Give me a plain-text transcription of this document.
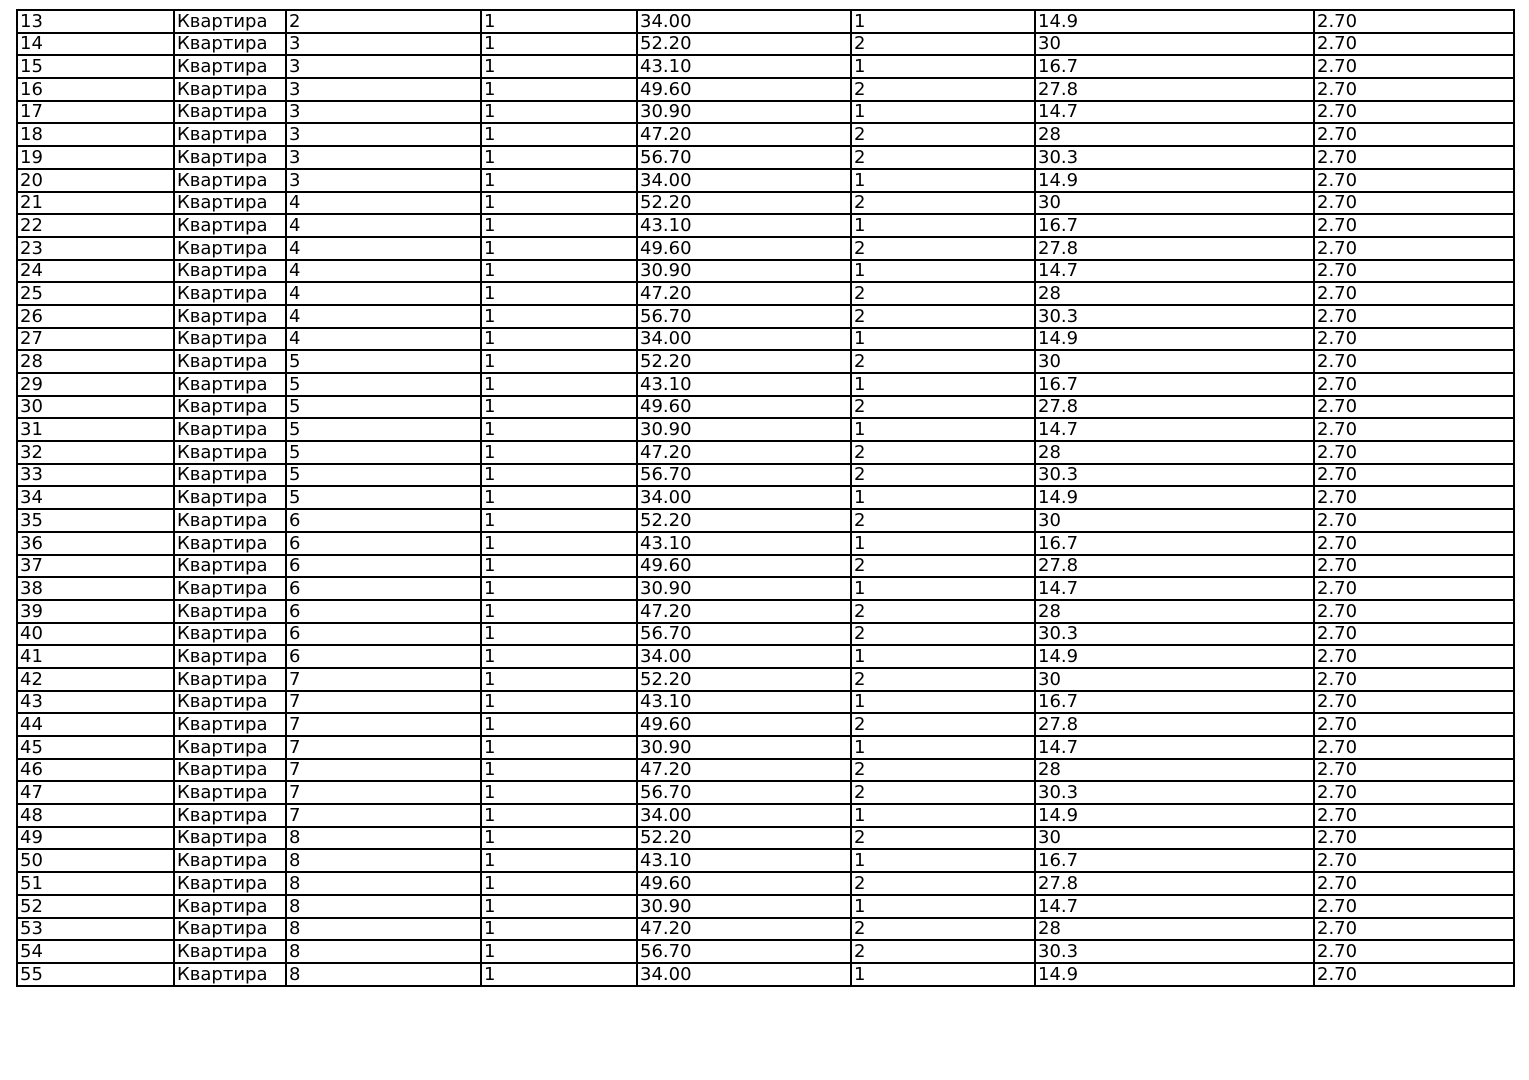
13	Квартира	2	1	34.00	1	14.9	2.70
14	Квартира	3	1	52.20	2	30	2.70
15	Квартира	3	1	43.10	1	16.7	2.70
16	Квартира	3	1	49.60	2	27.8	2.70
17	Квартира	3	1	30.90	1	14.7	2.70
18	Квартира	3	1	47.20	2	28	2.70
19	Квартира	3	1	56.70	2	30.3	2.70
20	Квартира	3	1	34.00	1	14.9	2.70
21	Квартира	4	1	52.20	2	30	2.70
22	Квартира	4	1	43.10	1	16.7	2.70
23	Квартира	4	1	49.60	2	27.8	2.70
24	Квартира	4	1	30.90	1	14.7	2.70
25	Квартира	4	1	47.20	2	28	2.70
26	Квартира	4	1	56.70	2	30.3	2.70
27	Квартира	4	1	34.00	1	14.9	2.70
28	Квартира	5	1	52.20	2	30	2.70
29	Квартира	5	1	43.10	1	16.7	2.70
30	Квартира	5	1	49.60	2	27.8	2.70
31	Квартира	5	1	30.90	1	14.7	2.70
32	Квартира	5	1	47.20	2	28	2.70
33	Квартира	5	1	56.70	2	30.3	2.70
34	Квартира	5	1	34.00	1	14.9	2.70
35	Квартира	6	1	52.20	2	30	2.70
36	Квартира	6	1	43.10	1	16.7	2.70
37	Квартира	6	1	49.60	2	27.8	2.70
38	Квартира	6	1	30.90	1	14.7	2.70
39	Квартира	6	1	47.20	2	28	2.70
40	Квартира	6	1	56.70	2	30.3	2.70
41	Квартира	6	1	34.00	1	14.9	2.70
42	Квартира	7	1	52.20	2	30	2.70
43	Квартира	7	1	43.10	1	16.7	2.70
44	Квартира	7	1	49.60	2	27.8	2.70
45	Квартира	7	1	30.90	1	14.7	2.70
46	Квартира	7	1	47.20	2	28	2.70
47	Квартира	7	1	56.70	2	30.3	2.70
48	Квартира	7	1	34.00	1	14.9	2.70
49	Квартира	8	1	52.20	2	30	2.70
50	Квартира	8	1	43.10	1	16.7	2.70
51	Квартира	8	1	49.60	2	27.8	2.70
52	Квартира	8	1	30.90	1	14.7	2.70
53	Квартира	8	1	47.20	2	28	2.70
54	Квартира	8	1	56.70	2	30.3	2.70
55	Квартира	8	1	34.00	1	14.9	2.70
